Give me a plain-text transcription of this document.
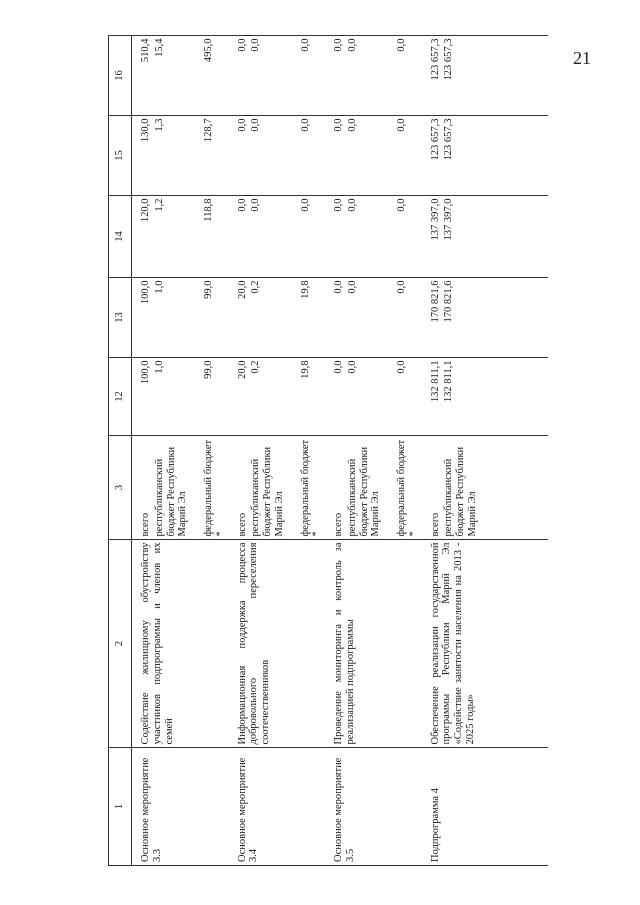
21
1	2	3	12	13	14	15	16
Основное мероприятие 3.3	Содействие жилищному обустройству участников подпрограммы и членов их семей	всего	100,0	100,0	120,0	130,0	510,4
		республиканский бюджет Республики Марий Эл	1,0	1,0	1,2	1,3	15,4
		федеральный бюджет *	99,0	99,0	118,8	128,7	495,0
Основное мероприятие 3.4	Информационная поддержка процесса добровольного переселения соотечественников	всего	20,0	20,0	0,0	0,0	0,0
		республиканский бюджет Республики Марий Эл	0,2	0,2	0,0	0,0	0,0
		федеральный бюджет *	19,8	19,8	0,0	0,0	0,0
Основное мероприятие 3.5	Проведение мониторинга и контроль за реализацией подпрограммы	всего	0,0	0,0	0,0	0,0	0,0
		республиканский бюджет Республики Марий Эл	0,0	0,0	0,0	0,0	0,0
		федеральный бюджет *	0,0	0,0	0,0	0,0	0,0
Подпрограмма 4	Обеспечение реализации государственной программы Республики Марий Эл «Содействие занятости населения на 2013 - 2025 годы»	всего	132 811,1	170 821,6	137 397,0	123 657,3	123 657,3
		республиканский бюджет Республики Марий Эл	132 811,1	170 821,6	137 397,0	123 657,3	123 657,3
